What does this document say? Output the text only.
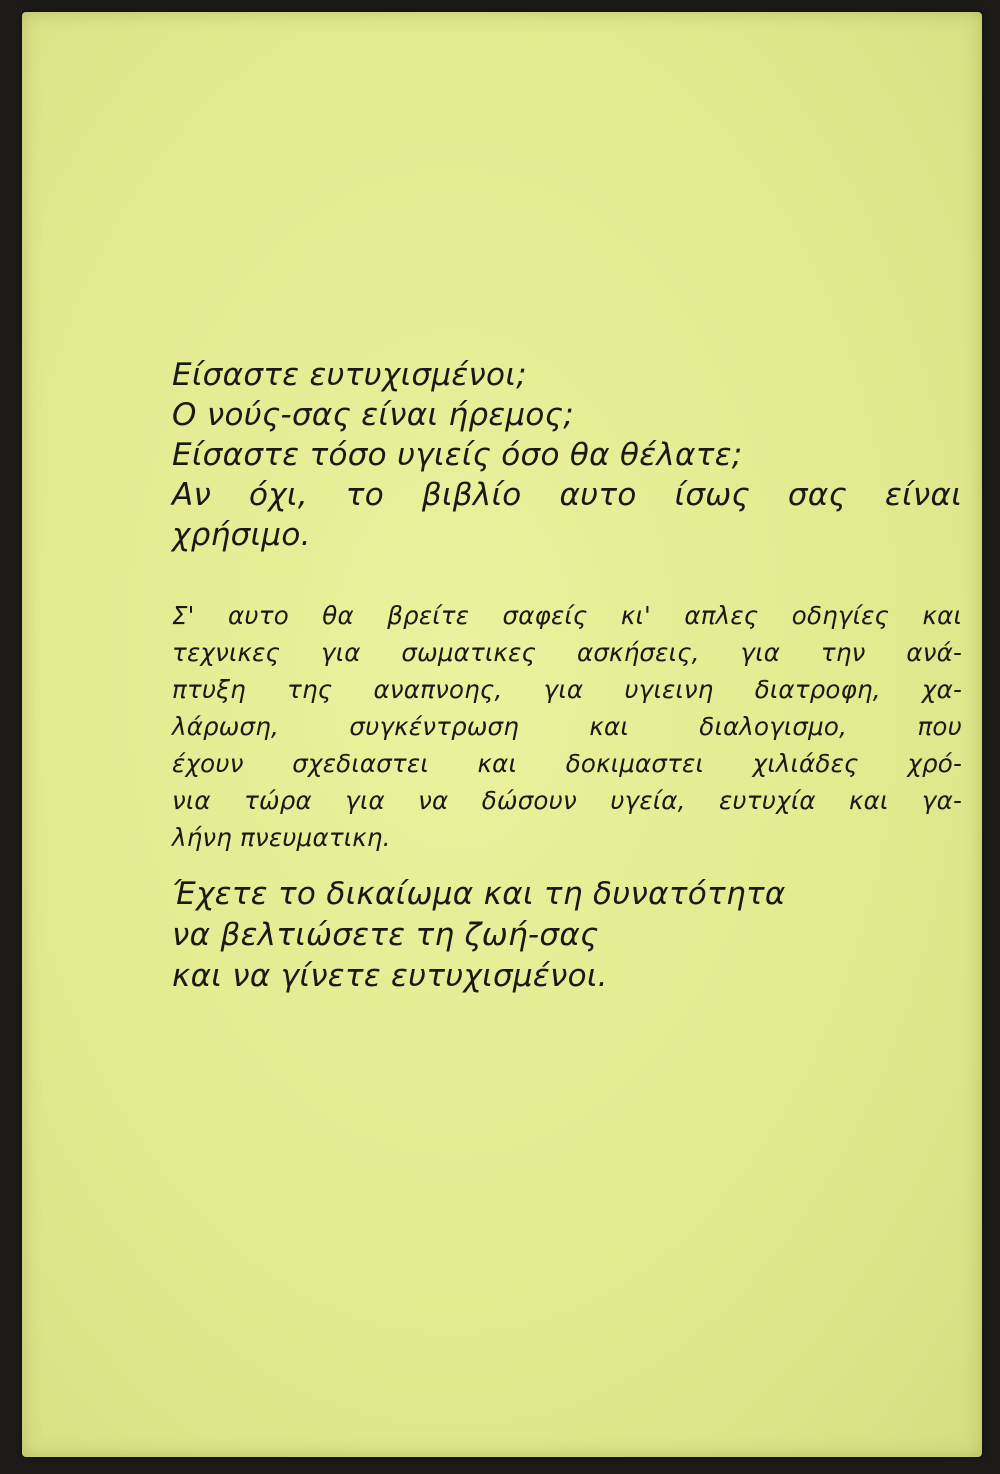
Είσαστε ευτυχισμένοι;
Ο νούς-σας είναι ήρεμος;
Είσαστε τόσο υγιείς όσο θα θέλατε;
Αν όχι, το βιβλίο αυτο ίσως σας είναι
χρήσιμο.

Σ' αυτο θα βρείτε σαφείς κι' απλες οδηγίες και
τεχνικες για σωματικες ασκήσεις, για την ανά-
πτυξη της αναπνοης, για υγιεινη διατροφη, χα-
λάρωση, συγκέντρωση και διαλογισμο, που
έχουν σχεδιαστει και δοκιμαστει χιλιάδες χρό-
νια τώρα για να δώσουν υγεία, ευτυχία και γα-
λήνη πνευματικη.

Έχετε το δικαίωμα και τη δυνατότητα
να βελτιώσετε τη ζωή-σας
και να γίνετε ευτυχισμένοι.
